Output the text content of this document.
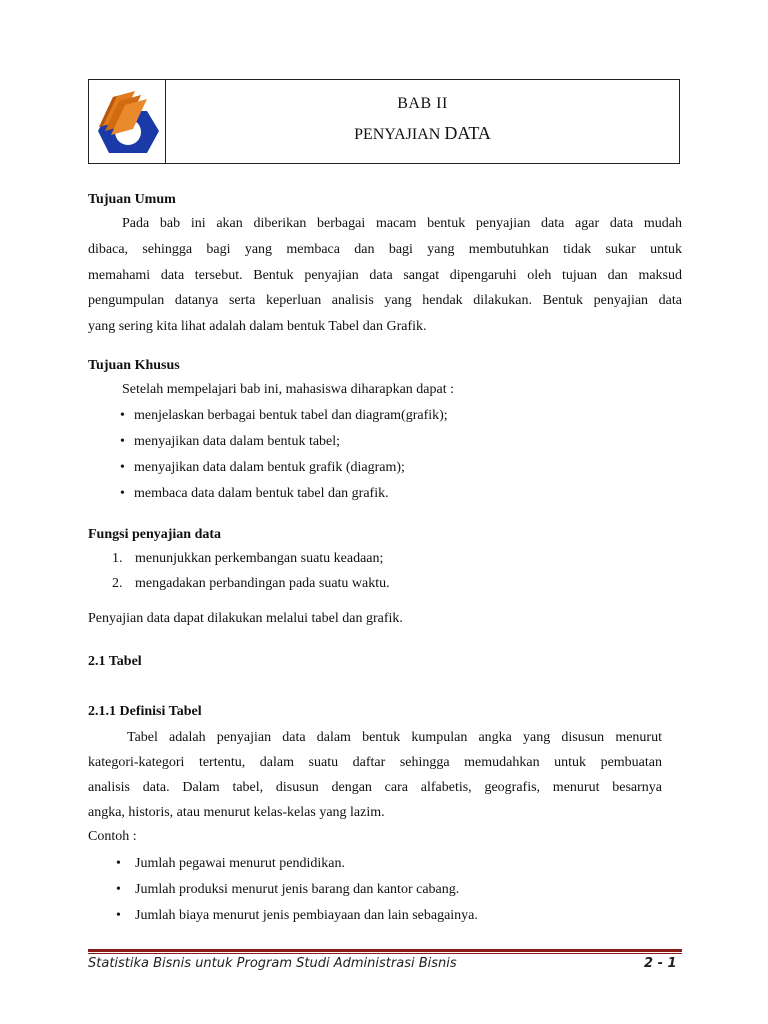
BAB II
PENYAJIAN DATA
Tujuan Umum
Pada bab ini akan diberikan berbagai macam bentuk penyajian data agar data mudah
dibaca, sehingga bagi yang membaca dan bagi yang membutuhkan tidak sukar untuk
memahami data tersebut. Bentuk penyajian data sangat dipengaruhi oleh tujuan dan maksud
pengumpulan datanya serta keperluan analisis yang hendak dilakukan. Bentuk penyajian data
yang sering kita lihat adalah dalam bentuk Tabel dan Grafik.
Tujuan Khusus
Setelah mempelajari bab ini, mahasiswa diharapkan dapat :
• menjelaskan berbagai bentuk tabel dan diagram(grafik);
• menyajikan data dalam bentuk tabel;
• menyajikan data dalam bentuk grafik (diagram);
• membaca data dalam bentuk tabel dan grafik.
Fungsi penyajian data
1. menunjukkan perkembangan suatu keadaan;
2. mengadakan perbandingan pada suatu waktu.
Penyajian data dapat dilakukan melalui tabel dan grafik.
2.1 Tabel
2.1.1 Definisi Tabel
Tabel adalah penyajian data dalam bentuk kumpulan angka yang disusun menurut
kategori-kategori tertentu, dalam suatu daftar sehingga memudahkan untuk pembuatan
analisis data. Dalam tabel, disusun dengan cara alfabetis, geografis, menurut besarnya
angka, historis, atau menurut kelas-kelas yang lazim.
Contoh :
• Jumlah pegawai menurut pendidikan.
• Jumlah produksi menurut jenis barang dan kantor cabang.
• Jumlah biaya menurut jenis pembiayaan dan lain sebagainya.
Statistika Bisnis untuk Program Studi Administrasi Bisnis	2 - 1
